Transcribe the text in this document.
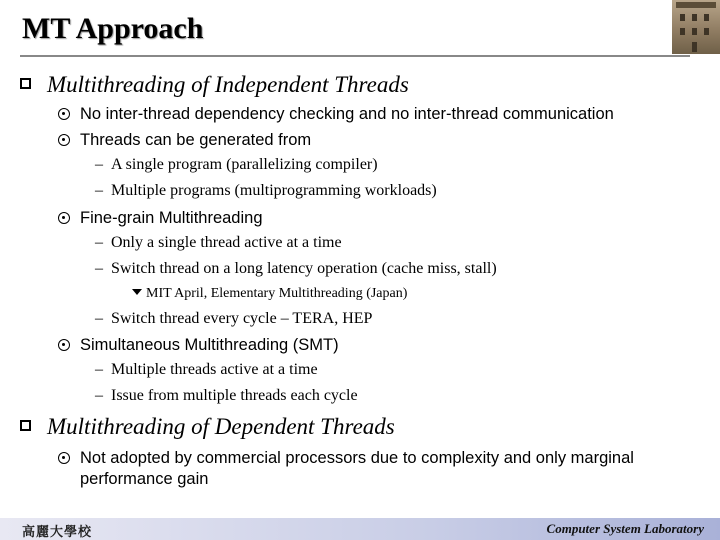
MT Approach
Multithreading of Independent Threads
No inter-thread dependency checking and no inter-thread communication
Threads can be generated from
– A single program (parallelizing compiler)
– Multiple programs (multiprogramming workloads)
Fine-grain Multithreading
– Only a single thread active at a time
– Switch thread on a long latency operation (cache miss, stall)
MIT April, Elementary Multithreading (Japan)
– Switch thread every cycle – TERA, HEP
Simultaneous Multithreading (SMT)
– Multiple threads active at a time
– Issue from multiple threads each cycle
Multithreading of Dependent Threads
Not adopted by commercial processors due to complexity and only marginal
performance gain
高麗大學校	Computer System Laboratory
